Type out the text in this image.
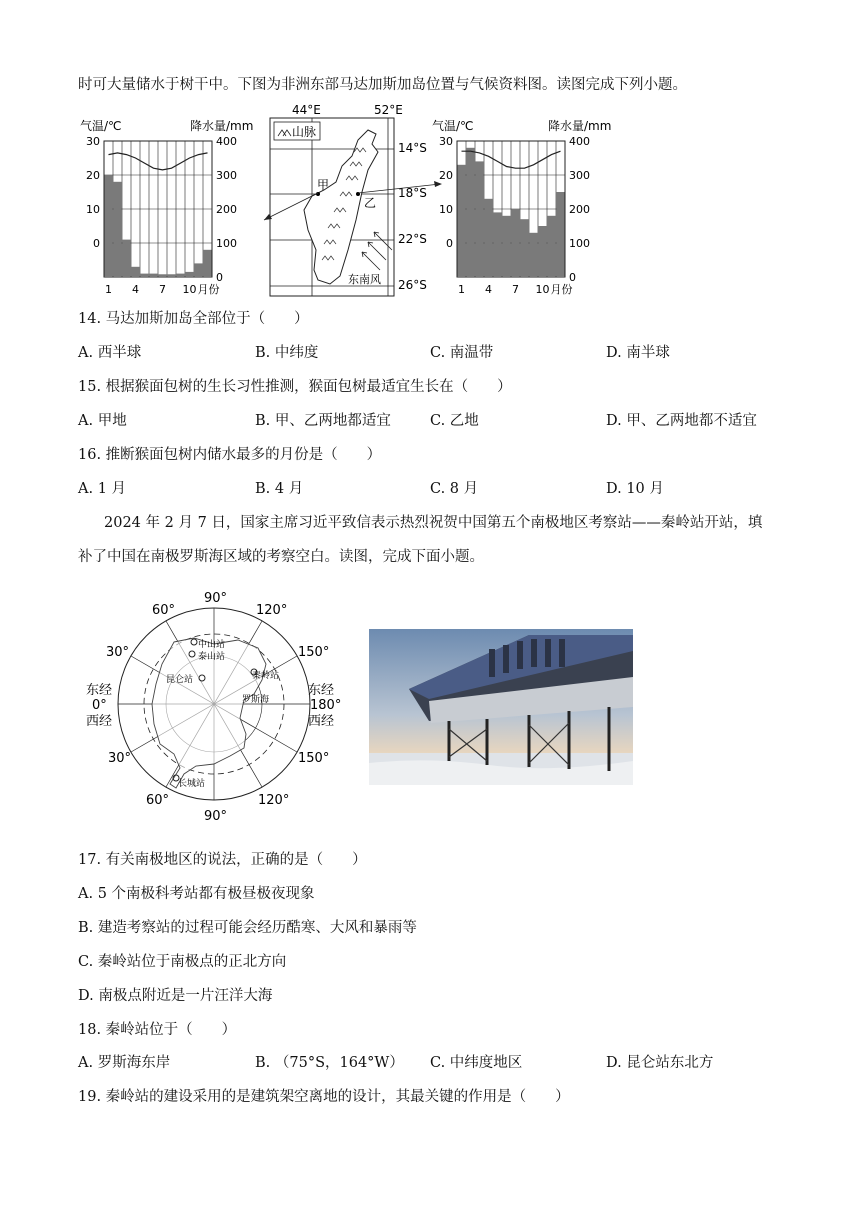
时可大量储水于树干中。下图为非洲东部马达加斯加岛位置与气候资料图。读图完成下列小题。
气温/℃	降水量/mm
30
20
10
0
400
300
200
100
0
1 4 7 10 月份
44°E	52°E
山脉
甲
乙
东南风
14°S
18°S
22°S
26°S
气温/℃	降水量/mm
30
20
10
0
400
300
200
100
0
1 4 7 10 月份
14. 马达加斯加岛全部位于（　　）
A. 西半球	B. 中纬度	C. 南温带	D. 南半球
15. 根据猴面包树的生长习性推测，猴面包树最适宜生长在（　　）
A. 甲地	B. 甲、乙两地都适宜	C. 乙地	D. 甲、乙两地都不适宜
16. 推断猴面包树内储水最多的月份是（　　）
A. 1 月	B. 4 月	C. 8 月	D. 10 月
2024 年 2 月 7 日，国家主席习近平致信表示热烈祝贺中国第五个南极地区考察站——秦岭站开站，填
补了中国在南极罗斯海区域的考察空白。读图，完成下面小题。
中山站
泰山站
昆仑站	秦岭站
罗斯海
长城站
90°
90°
60°	120°
30°	150°
东经
0°
西经
东经
180°
西经
30°	150°
60°	120°
17. 有关南极地区的说法，正确的是（　　）
A. 5 个南极科考站都有极昼极夜现象
B. 建造考察站的过程可能会经历酷寒、大风和暴雨等
C. 秦岭站位于南极点的正北方向
D. 南极点附近是一片汪洋大海
18. 秦岭站位于（　　）
A. 罗斯海东岸	B. （75°S，164°W） C. 中纬度地区	D. 昆仑站东北方
19. 秦岭站的建设采用的是建筑架空离地的设计，其最关键的作用是（　　）
